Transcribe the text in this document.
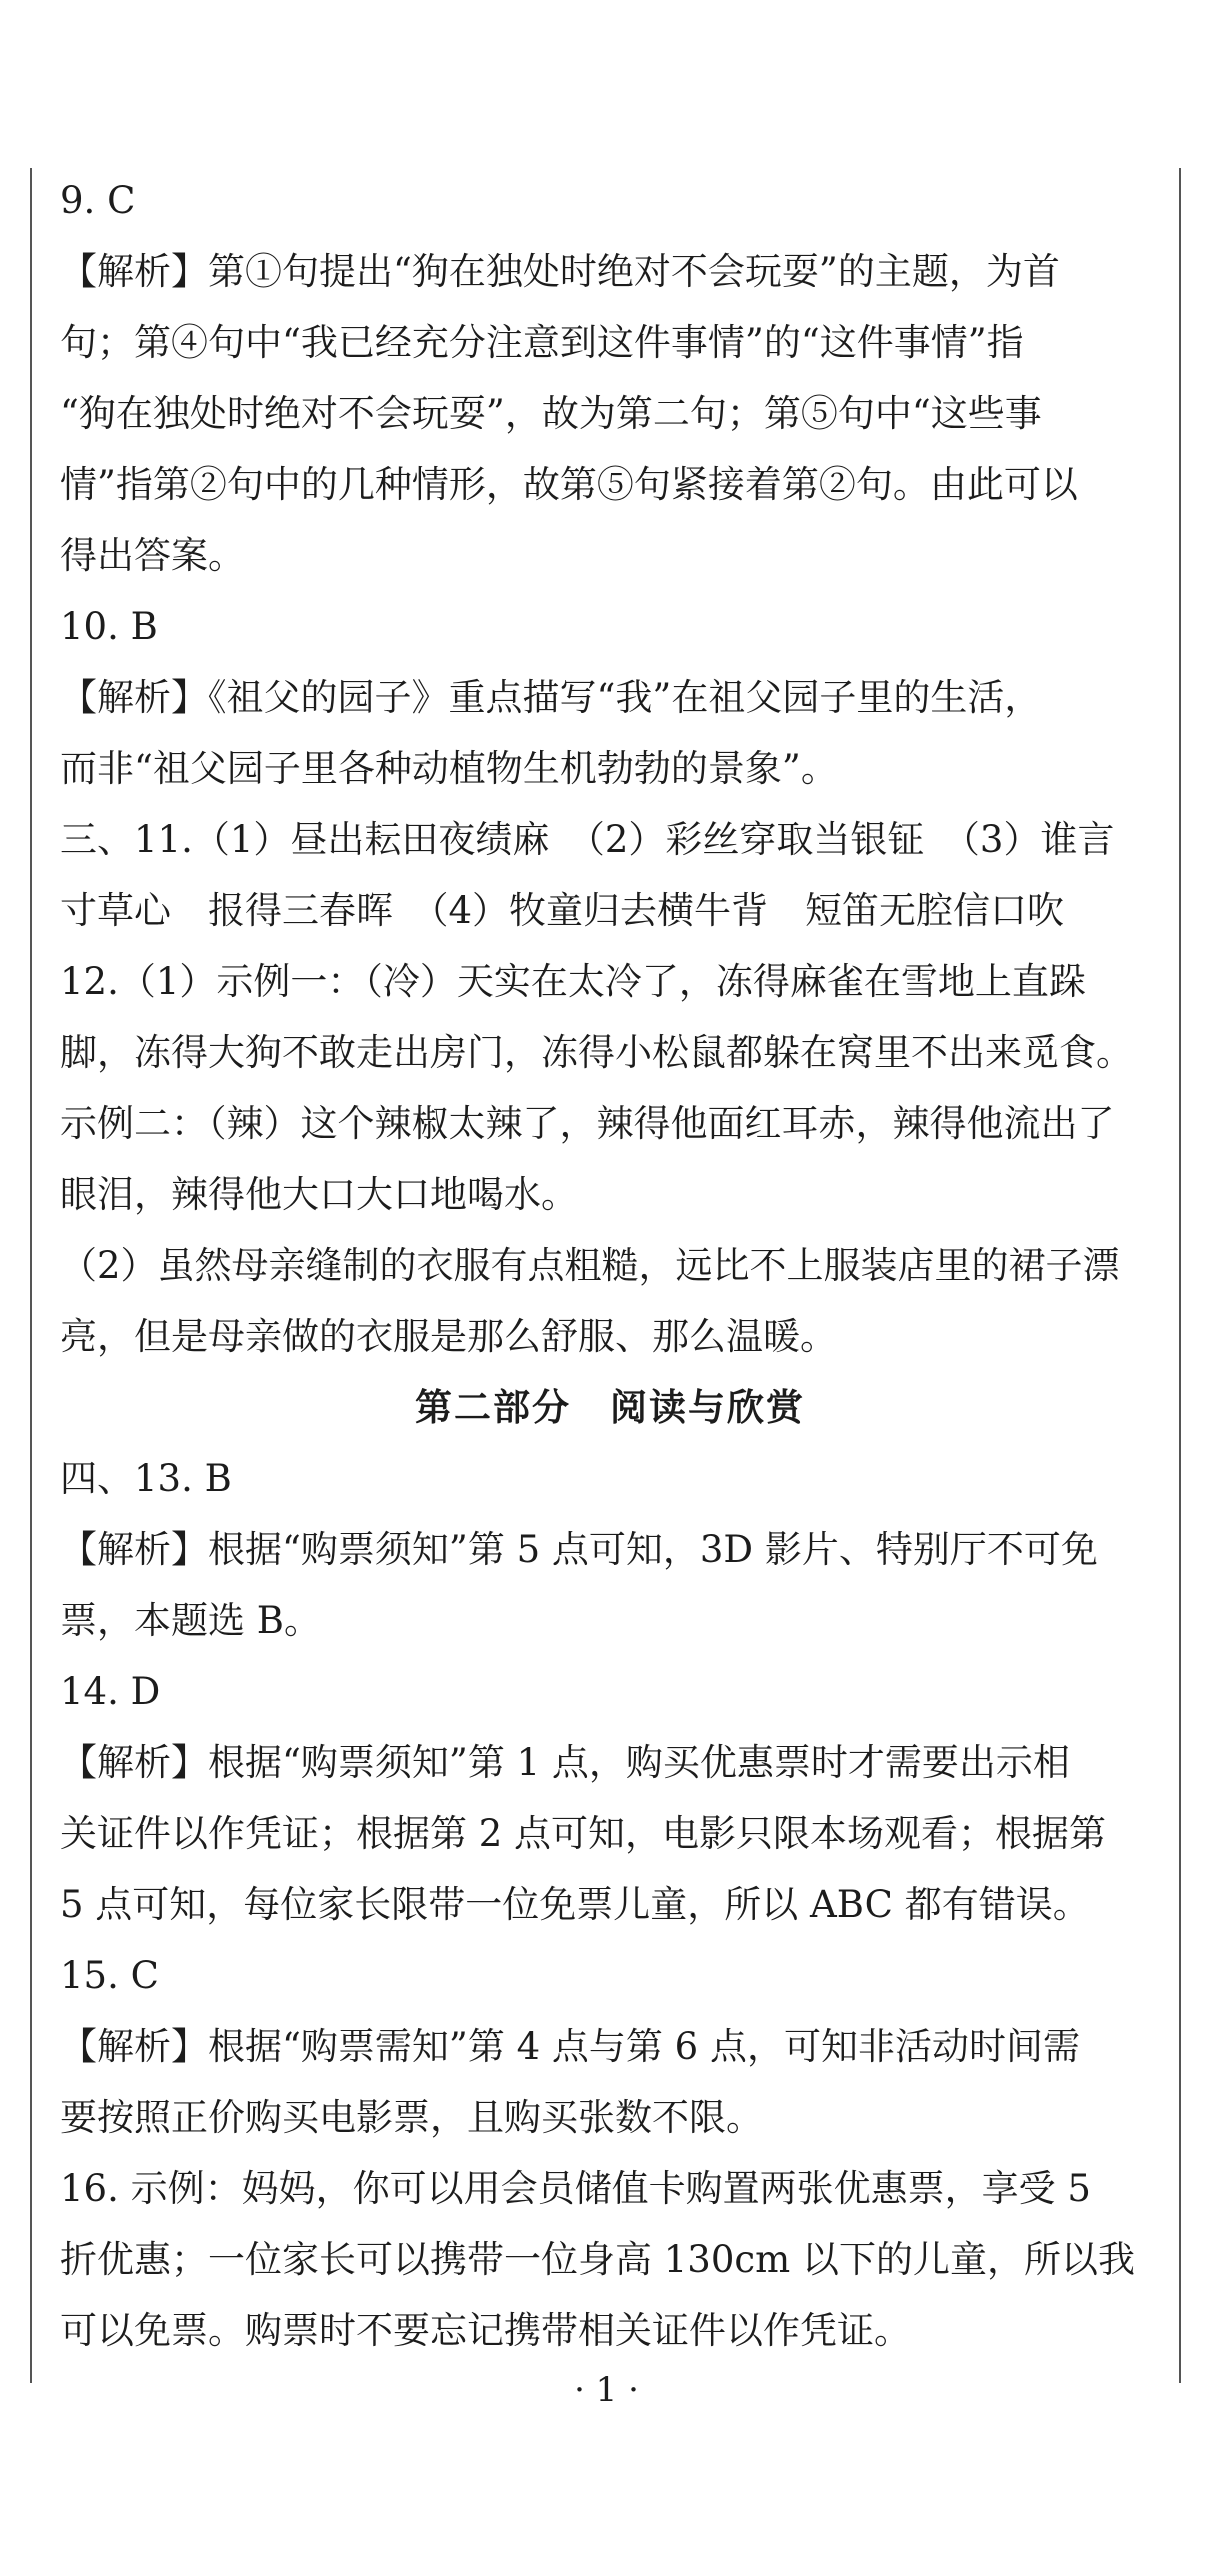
9. C

【解析】第①句提出“狗在独处时绝对不会玩耍”的主题，为首

句；第④句中“我已经充分注意到这件事情”的“这件事情”指

“狗在独处时绝对不会玩耍”，故为第二句；第⑤句中“这些事

情”指第②句中的几种情形，故第⑤句紧接着第②句。由此可以

得出答案。

10. B

【解析】《祖父的园子》重点描写“我”在祖父园子里的生活，

而非“祖父园子里各种动植物生机勃勃的景象”。

三、11.（1）昼出耘田夜绩麻　（2）彩丝穿取当银钲　（3）谁言

寸草心　报得三春晖　（4）牧童归去横牛背　短笛无腔信口吹

12.（1）示例一：（冷）天实在太冷了，冻得麻雀在雪地上直跺

脚，冻得大狗不敢走出房门，冻得小松鼠都躲在窝里不出来觅食。

示例二：（辣）这个辣椒太辣了，辣得他面红耳赤，辣得他流出了

眼泪，辣得他大口大口地喝水。

（2）虽然母亲缝制的衣服有点粗糙，远比不上服装店里的裙子漂

亮，但是母亲做的衣服是那么舒服、那么温暖。

第二部分　阅读与欣赏

四、13. B

【解析】根据“购票须知”第 5 点可知，3D 影片、特别厅不可免

票，本题选 B。

14. D

【解析】根据“购票须知”第 1 点，购买优惠票时才需要出示相

关证件以作凭证；根据第 2 点可知，电影只限本场观看；根据第

5 点可知，每位家长限带一位免票儿童，所以 ABC 都有错误。

15. C

【解析】根据“购票需知”第 4 点与第 6 点，可知非活动时间需

要按照正价购买电影票，且购买张数不限。

16. 示例：妈妈，你可以用会员储值卡购置两张优惠票，享受 5

折优惠；一位家长可以携带一位身高 130cm 以下的儿童，所以我

可以免票。购票时不要忘记携带相关证件以作凭证。

· 1 ·
